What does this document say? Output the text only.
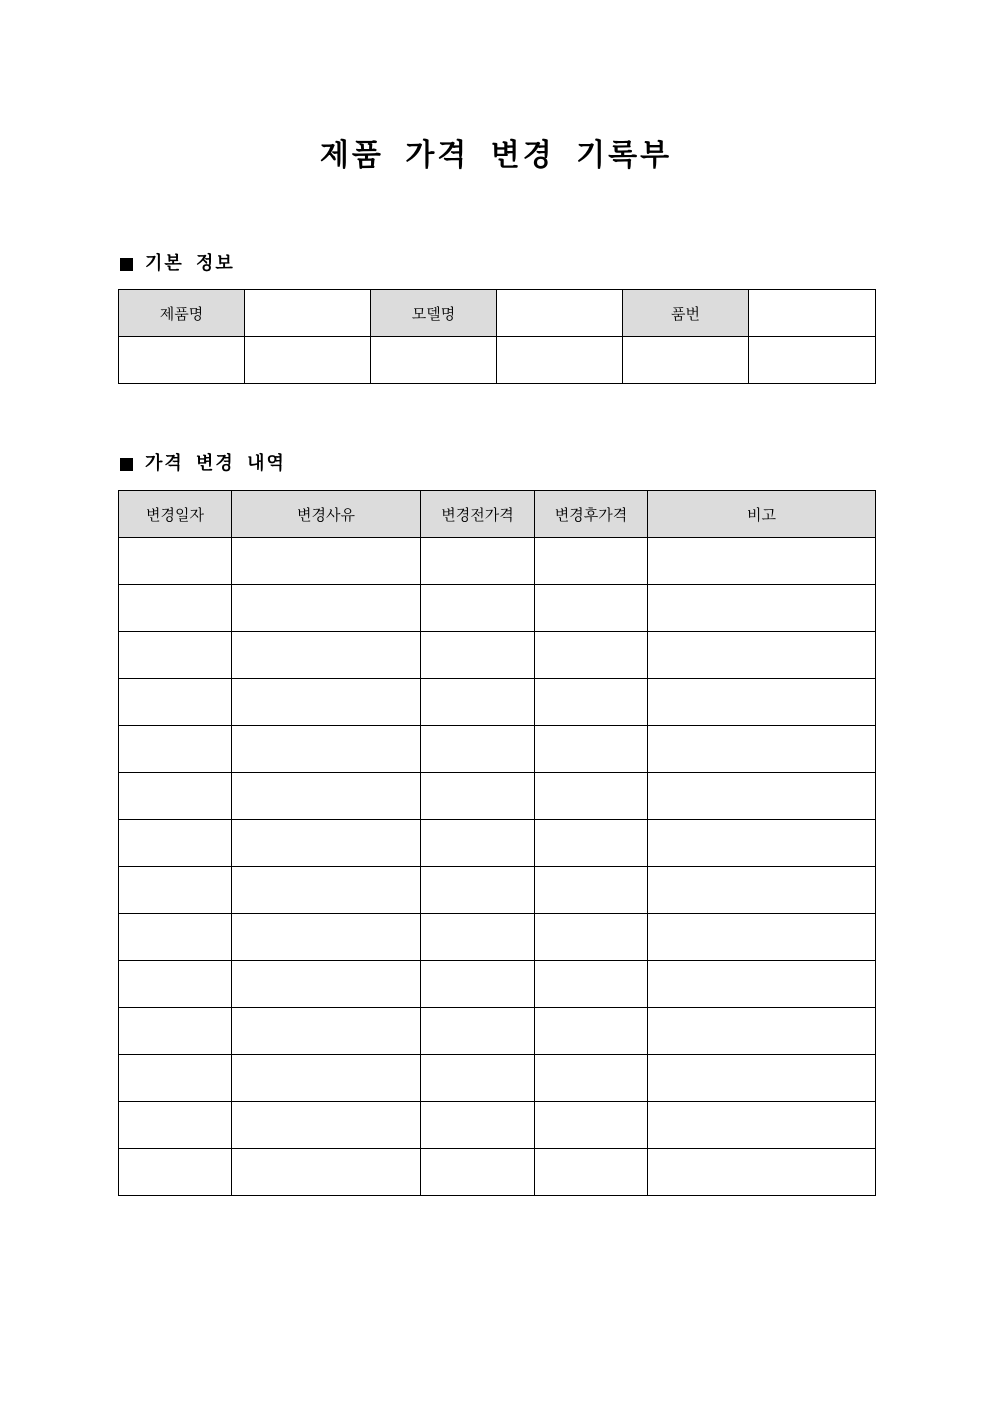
제품 가격 변경 기록부
기본 정보
제품명		모델명		품번	

가격 변경 내역
변경일자	변경사유	변경전가격	변경후가격	비고
